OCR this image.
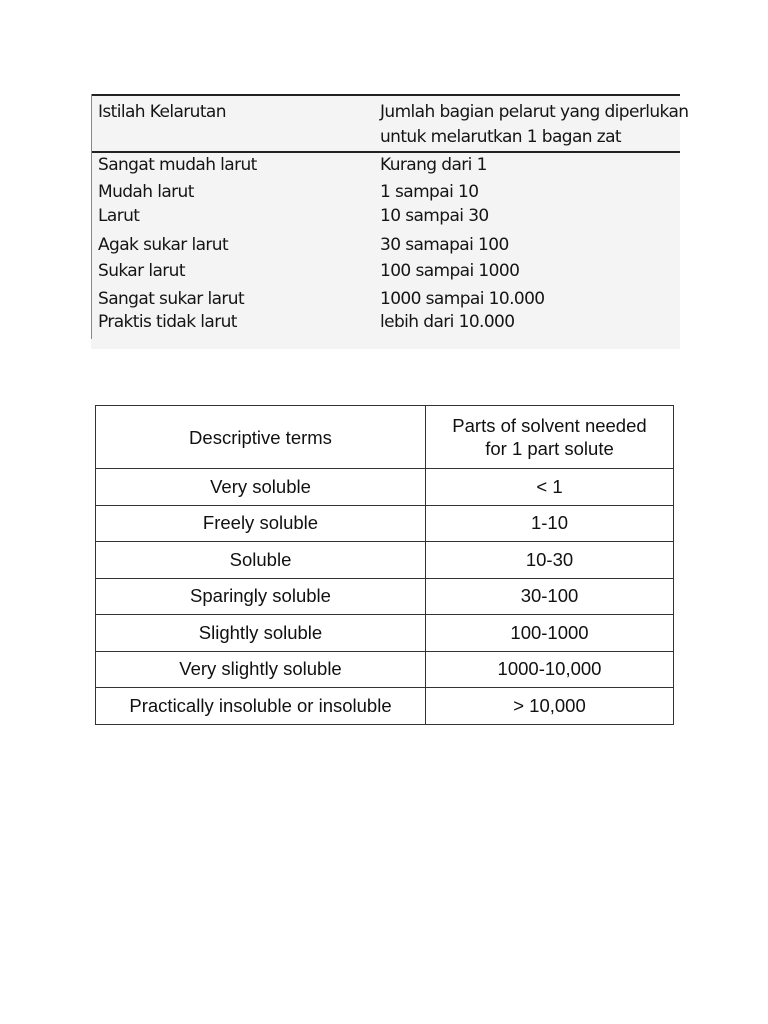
Istilah Kelarutan	Jumlah bagian pelarut yang diperlukan
untuk melarutkan 1 bagan zat
Sangat mudah larut	Kurang dari 1
Mudah larut	1 sampai 10
Larut	10 sampai 30
Agak sukar larut	30 samapai 100
Sukar larut	100 sampai 1000
Sangat sukar larut	1000 sampai 10.000
Praktis tidak larut	lebih dari 10.000
Descriptive terms	Parts of solvent needed
for 1 part solute

Very soluble	< 1
Freely soluble	1-10
Soluble	10-30
Sparingly soluble	30-100
Slightly soluble	100-1000
Very slightly soluble	1000-10,000
Practically insoluble or insoluble	> 10,000
